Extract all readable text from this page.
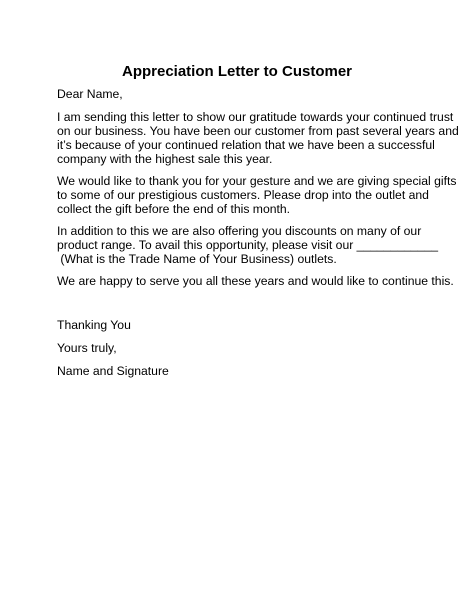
Appreciation Letter to Customer
Dear Name,
I am sending this letter to show our gratitude towards your continued trust
on our business. You have been our customer from past several years and
it’s because of your continued relation that we have been a successful
company with the highest sale this year.
We would like to thank you for your gesture and we are giving special gifts
to some of our prestigious customers. Please drop into the outlet and
collect the gift before the end of this month.
In addition to this we are also offering you discounts on many of our
product range. To avail this opportunity, please visit our ____________
(What is the Trade Name of Your Business) outlets.
We are happy to serve you all these years and would like to continue this.
Thanking You
Yours truly,
Name and Signature
